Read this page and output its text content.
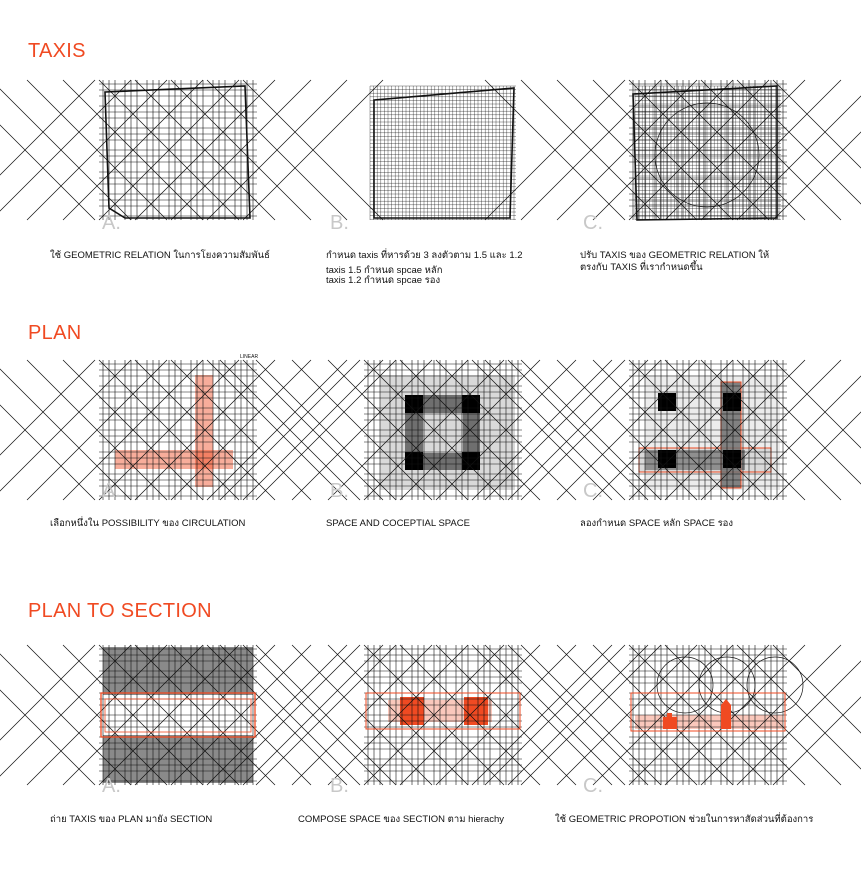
TAXIS
A.
ใช้ GEOMETRIC RELATION ในการโยงความสัมพันธ์
B.
กำหนด taxis ที่หารด้วย 3 ลงตัวตาม 1.5 และ 1.2
taxis 1.5 กำหนด spcae หลัก
taxis 1.2 กำหนด spcae รอง
C.
ปรับ TAXIS ของ GEOMETRIC RELATION ให้
ตรงกับ TAXIS ที่เรากำหนดขึ้น
PLAN
LINEAR
A.
เลือกหนึ่งใน POSSIBILITY ของ CIRCULATION
B.
SPACE AND COCEPTIAL SPACE
C.
ลองกำหนด SPACE หลัก SPACE รอง
PLAN TO SECTION
A.
ถ่าย TAXIS ของ PLAN มายัง SECTION
B.
COMPOSE SPACE ของ SECTION ตาม hierachy
C.
ใช้ GEOMETRIC PROPOTION ช่วยในการหาสัดส่วนที่ต้องการ
